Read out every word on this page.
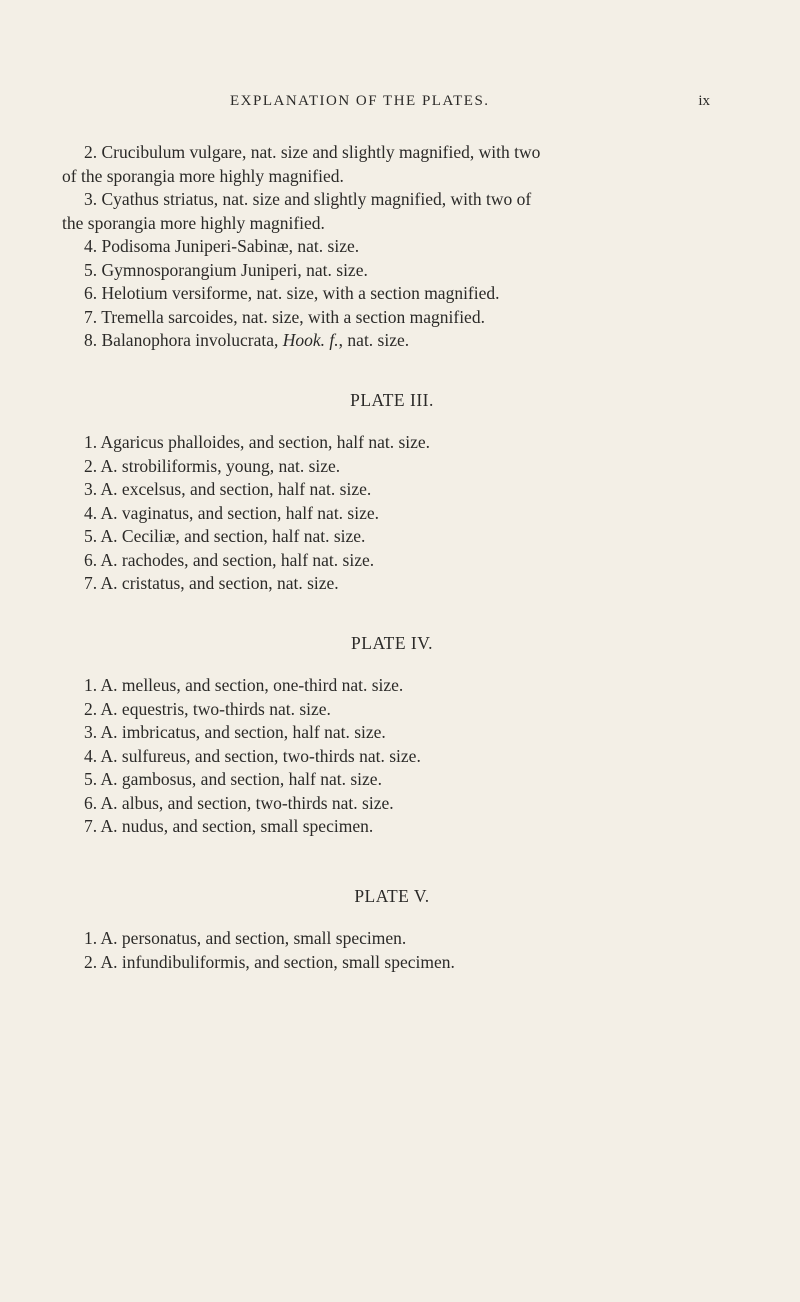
EXPLANATION OF THE PLATES.	ix
2. Crucibulum vulgare, nat. size and slightly magnified, with two
of the sporangia more highly magnified.
3. Cyathus striatus, nat. size and slightly magnified, with two of
the sporangia more highly magnified.
4. Podisoma Juniperi-Sabinæ, nat. size.
5. Gymnosporangium Juniperi, nat. size.
6. Helotium versiforme, nat. size, with a section magnified.
7. Tremella sarcoides, nat. size, with a section magnified.
8. Balanophora involucrata, Hook. f., nat. size.
PLATE III.
1. Agaricus phalloides, and section, half nat. size.
2. A. strobiliformis, young, nat. size.
3. A. excelsus, and section, half nat. size.
4. A. vaginatus, and section, half nat. size.
5. A. Ceciliæ, and section, half nat. size.
6. A. rachodes, and section, half nat. size.
7. A. cristatus, and section, nat. size.
PLATE IV.
1. A. melleus, and section, one-third nat. size.
2. A. equestris, two-thirds nat. size.
3. A. imbricatus, and section, half nat. size.
4. A. sulfureus, and section, two-thirds nat. size.
5. A. gambosus, and section, half nat. size.
6. A. albus, and section, two-thirds nat. size.
7. A. nudus, and section, small specimen.
PLATE V.
1. A. personatus, and section, small specimen.
2. A. infundibuliformis, and section, small specimen.
